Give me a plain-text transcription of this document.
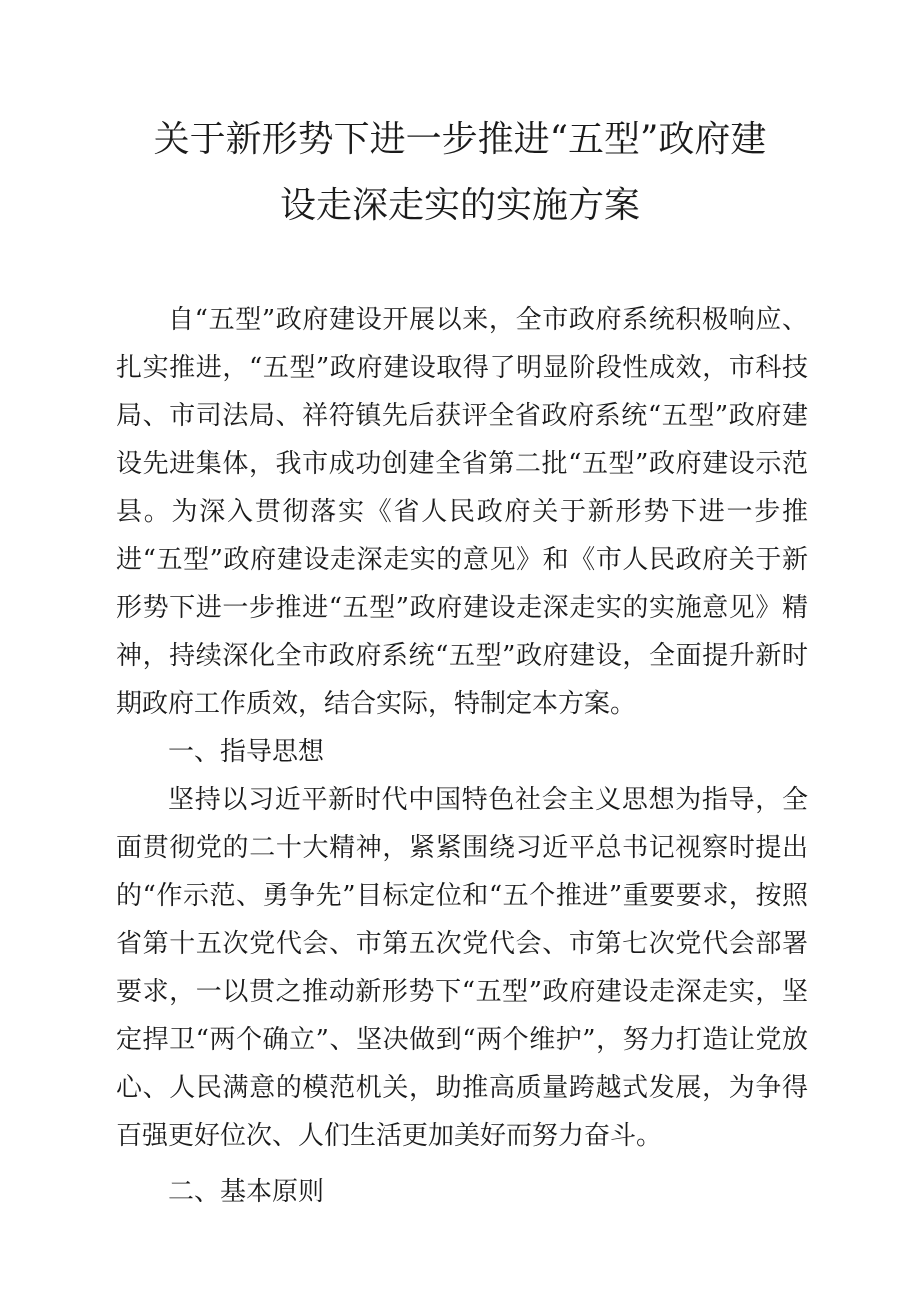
关于新形势下进一步推进“五型”政府建
设走深走实的实施方案

自“五型”政府建设开展以来，全市政府系统积极响应、扎实推进，“五型”政府建设取得了明显阶段性成效，市科技局、市司法局、祥符镇先后获评全省政府系统“五型”政府建设先进集体，我市成功创建全省第二批“五型”政府建设示范县。为深入贯彻落实《省人民政府关于新形势下进一步推进“五型”政府建设走深走实的意见》和《市人民政府关于新形势下进一步推进“五型”政府建设走深走实的实施意见》精神，持续深化全市政府系统“五型”政府建设，全面提升新时期政府工作质效，结合实际，特制定本方案。

一、指导思想

坚持以习近平新时代中国特色社会主义思想为指导，全面贯彻党的二十大精神，紧紧围绕习近平总书记视察时提出的“作示范、勇争先”目标定位和“五个推进”重要要求，按照省第十五次党代会、市第五次党代会、市第七次党代会部署要求，一以贯之推动新形势下“五型”政府建设走深走实，坚定捍卫“两个确立”、坚决做到“两个维护”，努力打造让党放心、人民满意的模范机关，助推高质量跨越式发展，为争得百强更好位次、人们生活更加美好而努力奋斗。

二、基本原则
